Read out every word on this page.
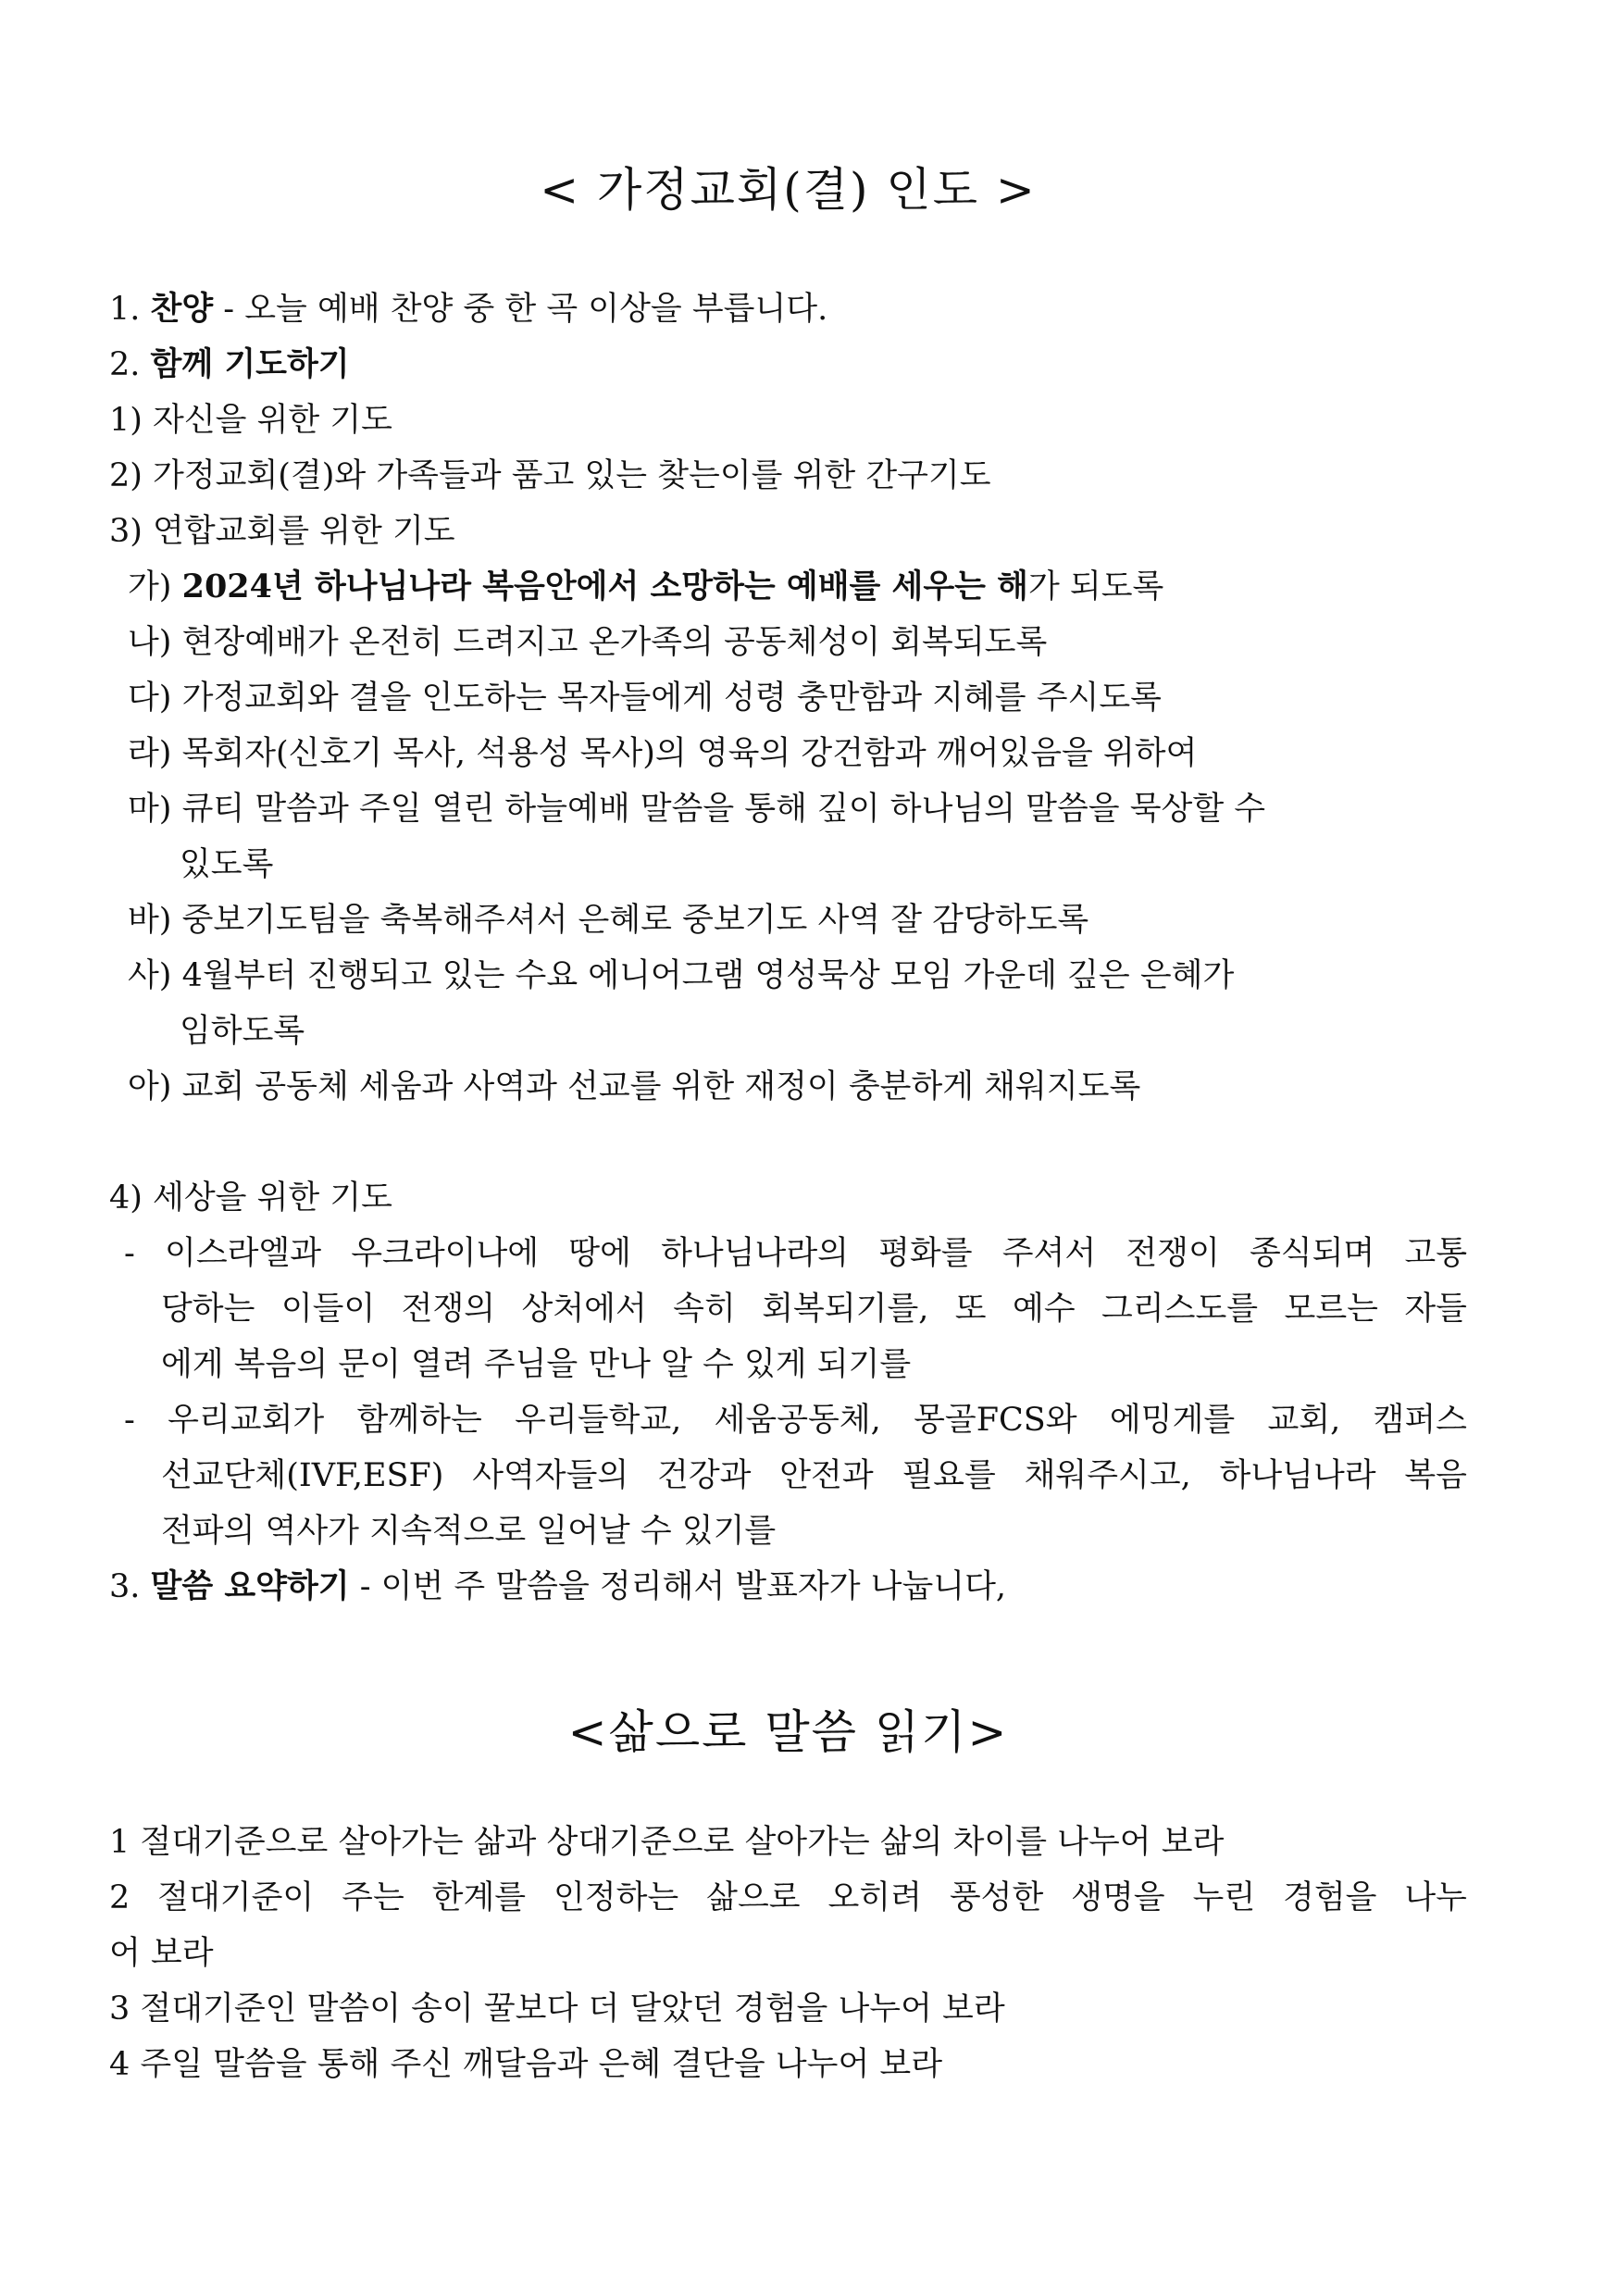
< 가정교회(결) 인도 >
1. 찬양 - 오늘 예배 찬양 중 한 곡 이상을 부릅니다.
2. 함께 기도하기
1) 자신을 위한 기도
2) 가정교회(결)와 가족들과 품고 있는 찾는이를 위한 간구기도
3) 연합교회를 위한 기도
가) 2024년 하나님나라 복음안에서 소망하는 예배를 세우는 해가 되도록
나) 현장예배가 온전히 드려지고 온가족의 공동체성이 회복되도록
다) 가정교회와 결을 인도하는 목자들에게 성령 충만함과 지혜를 주시도록
라) 목회자(신호기 목사, 석용성 목사)의 영육의 강건함과 깨어있음을 위하여
마) 큐티 말씀과 주일 열린 하늘예배 말씀을 통해 깊이 하나님의 말씀을 묵상할 수
있도록
바) 중보기도팀을 축복해주셔서 은혜로 중보기도 사역 잘 감당하도록
사) 4월부터 진행되고 있는 수요 에니어그램 영성묵상 모임 가운데 깊은 은혜가
임하도록
아) 교회 공동체 세움과 사역과 선교를 위한 재정이 충분하게 채워지도록
4) 세상을 위한 기도
- 이스라엘과 우크라이나에 땅에 하나님나라의 평화를 주셔서 전쟁이 종식되며 고통
당하는 이들이 전쟁의 상처에서 속히 회복되기를, 또 예수 그리스도를 모르는 자들
에게 복음의 문이 열려 주님을 만나 알 수 있게 되기를
- 우리교회가 함께하는 우리들학교, 세움공동체, 몽골FCS와 에밍게를 교회, 캠퍼스
선교단체(IVF,ESF) 사역자들의 건강과 안전과 필요를 채워주시고, 하나님나라 복음
전파의 역사가 지속적으로 일어날 수 있기를
3. 말씀 요약하기 - 이번 주 말씀을 정리해서 발표자가 나눕니다,
<삶으로 말씀 읽기>
1 절대기준으로 살아가는 삶과 상대기준으로 살아가는 삶의 차이를 나누어 보라
2 절대기준이 주는 한계를 인정하는 삶으로 오히려 풍성한 생명을 누린 경험을 나누
어 보라
3 절대기준인 말씀이 송이 꿀보다 더 달았던 경험을 나누어 보라
4 주일 말씀을 통해 주신 깨달음과 은혜 결단을 나누어 보라
